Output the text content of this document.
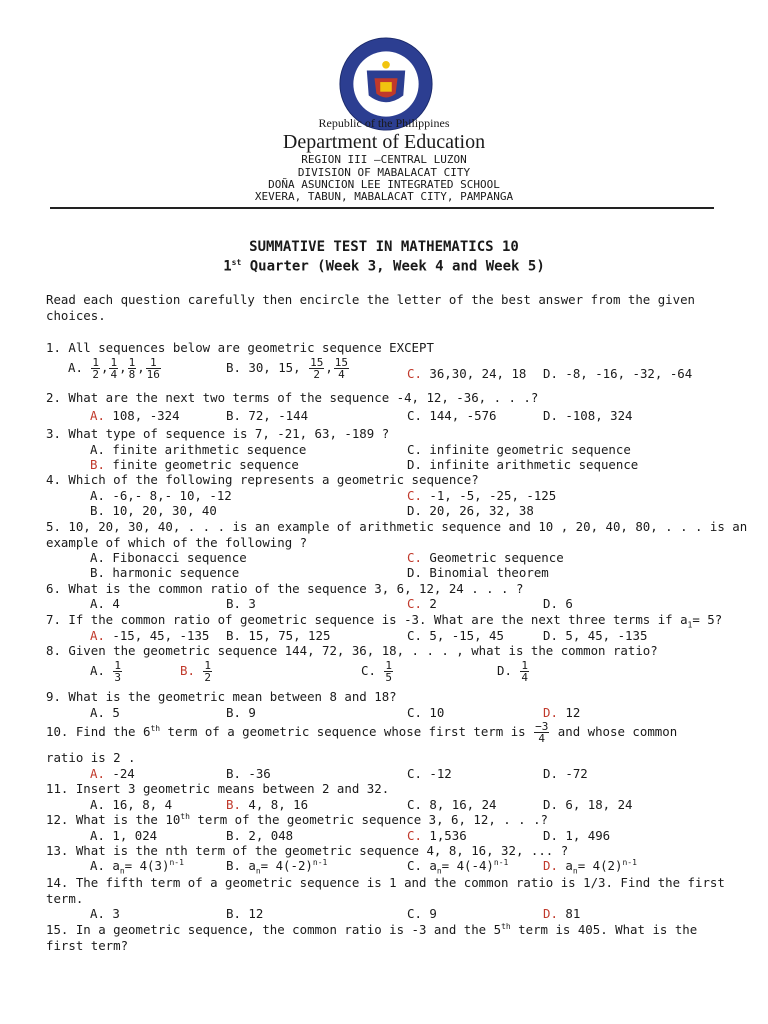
Republic of the Philippines
Department of Education
REGION III –CENTRAL LUZON
DIVISION OF MABALACAT CITY
DOÑA ASUNCION LEE INTEGRATED SCHOOL
XEVERA, TABUN, MABALACAT CITY, PAMPANGA
SUMMATIVE TEST IN MATHEMATICS 10
1st Quarter (Week 3, Week 4 and Week 5)
Read each question carefully then encircle the letter of the best answer from the given
choices.
1. All sequences below are geometric sequence EXCEPT
A. $\frac{1}{2}$ , $\frac{1}{4}$ , $\frac{1}{8}$ , $\frac{1}{16}$	B. 30, 15, $\frac{15}{2}$ , $\frac{15}{4}$	C. 36,30, 24, 18 D. -8, -16, -32, -64
2. What are the next two terms of the sequence -4, 12, -36, . . .?
A. 108, -324	B. 72, -144	C. 144, -576	D. -108, 324
3. What type of sequence is 7, -21, 63, -189 ?
A. finite arithmetic sequence	C. infinite geometric sequence
B. finite geometric sequence	D. infinite arithmetic sequence
4. Which of the following represents a geometric sequence?
A. -6,- 8,- 10, -12	C. -1, -5, -25, -125
B. 10, 20, 30, 40	D. 20, 26, 32, 38
5. 10, 20, 30, 40, . . . is an example of arithmetic sequence and 10 , 20, 40, 80, . . . is an
example of which of the following ?
A. Fibonacci sequence	C. Geometric sequence
B. harmonic sequence	D. Binomial theorem
6. What is the common ratio of the sequence 3, 6, 12, 24 . . . ?
A. 4	B. 3	C. 2	D. 6
7. If the common ratio of geometric sequence is -3. What are the next three terms if $a_1= 5$?
A. -15, 45, -135 B. 15, 75, 125	C. 5, -15, 45	D. 5, 45, -135
8. Given the geometric sequence 144, 72, 36, 18, . . . , what is the common ratio?
A. $\frac{1}{3}$	B. $\frac{1}{2}$	C. $\frac{1}{5}$	D. $\frac{1}{4}$
9. What is the geometric mean between 8 and 18?
A. 5	B. 9	C. 10	D. 12
10. Find the 6th term of a geometric sequence whose first term is $\frac{-3}{4}$ and whose common
ratio is 2 .
A. -24	B. -36	C. -12	D. -72
11. Insert 3 geometric means between 2 and 32.
A. 16, 8, 4	B. 4, 8, 16	C. 8, 16, 24	D. 6, 18, 24
12. What is the 10th term of the geometric sequence 3, 6, 12, . . .?
A. 1, 024	B. 2, 048	C. 1,536	D. 1, 496
13. What is the nth term of the geometric sequence 4, 8, 16, 32, ... ?
A. $a_n= 4(3)^{n-1}$	B. $a_n= 4(-2)^{n-1}$	C. $a_n= 4(-4)^{n-1}$	D. $a_n= 4(2)^{n-1}$
14. The fifth term of a geometric sequence is 1 and the common ratio is 1/3. Find the first
term.
A. 3	B. 12	C. 9	D. 81
15. In a geometric sequence, the common ratio is -3 and the 5th term is 405. What is the
first term?
